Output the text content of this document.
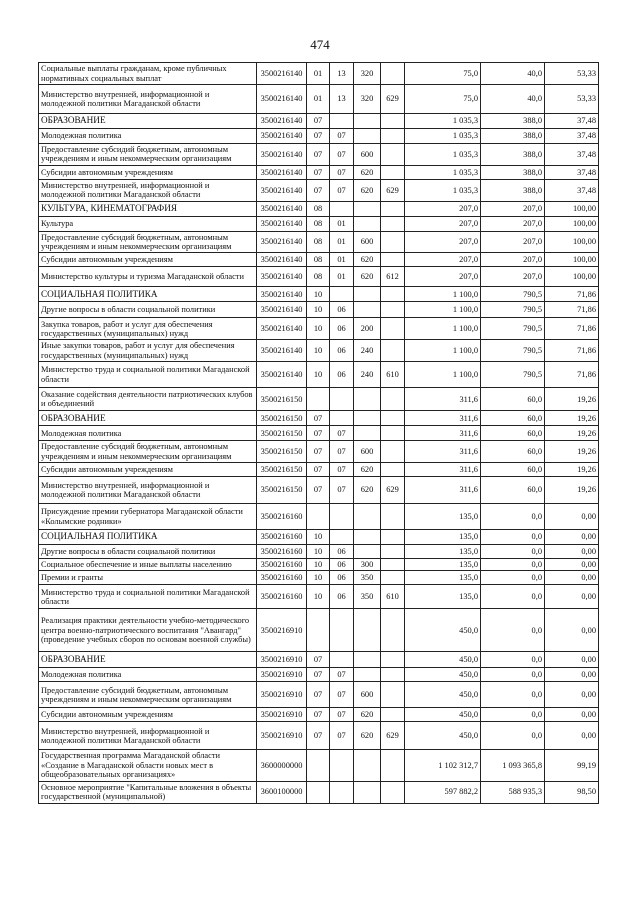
474
Социальные выплаты гражданам, кроме публичных нормативных социальных выплат	3500216140	01	13	320		75,0	40,0	53,33
Министерство внутренней, информационной и молодежной политики Магаданской области	3500216140	01	13	320	629	75,0	40,0	53,33
ОБРАЗОВАНИЕ	3500216140	07				1 035,3	388,0	37,48
Молодежная политика	3500216140	07	07			1 035,3	388,0	37,48
Предоставление субсидий бюджетным, автономным учреждениям и иным некоммерческим организациям	3500216140	07	07	600		1 035,3	388,0	37,48
Субсидии автономным учреждениям	3500216140	07	07	620		1 035,3	388,0	37,48
Министерство внутренней, информационной и молодежной политики Магаданской области	3500216140	07	07	620	629	1 035,3	388,0	37,48
КУЛЬТУРА, КИНЕМАТОГРАФИЯ	3500216140	08				207,0	207,0	100,00
Культура	3500216140	08	01			207,0	207,0	100,00
Предоставление субсидий бюджетным, автономным учреждениям и иным некоммерческим организациям	3500216140	08	01	600		207,0	207,0	100,00
Субсидии автономным учреждениям	3500216140	08	01	620		207,0	207,0	100,00
Министерство культуры и туризма Магаданской области	3500216140	08	01	620	612	207,0	207,0	100,00
СОЦИАЛЬНАЯ ПОЛИТИКА	3500216140	10				1 100,0	790,5	71,86
Другие вопросы в области социальной политики	3500216140	10	06			1 100,0	790,5	71,86
Закупка товаров, работ и услуг для обеспечения государственных (муниципальных) нужд	3500216140	10	06	200		1 100,0	790,5	71,86
Иные закупки товаров, работ и услуг для обеспечения государственных (муниципальных) нужд	3500216140	10	06	240		1 100,0	790,5	71,86
Министерство труда и социальной политики Магаданской области	3500216140	10	06	240	610	1 100,0	790,5	71,86
Оказание содействия деятельности патриотических клубов и объединений	3500216150					311,6	60,0	19,26
ОБРАЗОВАНИЕ	3500216150	07				311,6	60,0	19,26
Молодежная политика	3500216150	07	07			311,6	60,0	19,26
Предоставление субсидий бюджетным, автономным учреждениям и иным некоммерческим организациям	3500216150	07	07	600		311,6	60,0	19,26
Субсидии автономным учреждениям	3500216150	07	07	620		311,6	60,0	19,26
Министерство внутренней, информационной и молодежной политики Магаданской области	3500216150	07	07	620	629	311,6	60,0	19,26
Присуждение премии губернатора Магаданской области «Колымские родники»	3500216160					135,0	0,0	0,00
СОЦИАЛЬНАЯ ПОЛИТИКА	3500216160	10				135,0	0,0	0,00
Другие вопросы в области социальной политики	3500216160	10	06			135,0	0,0	0,00
Социальное обеспечение и иные выплаты населению	3500216160	10	06	300		135,0	0,0	0,00
Премии и гранты	3500216160	10	06	350		135,0	0,0	0,00
Министерство труда и социальной политики Магаданской области	3500216160	10	06	350	610	135,0	0,0	0,00
Реализация практики деятельности учебно-методического центра военно-патриотического воспитания "Авангард" (проведение учебных сборов по основам военной службы)	3500216910					450,0	0,0	0,00
ОБРАЗОВАНИЕ	3500216910	07				450,0	0,0	0,00
Молодежная политика	3500216910	07	07			450,0	0,0	0,00
Предоставление субсидий бюджетным, автономным учреждениям и иным некоммерческим организациям	3500216910	07	07	600		450,0	0,0	0,00
Субсидии автономным учреждениям	3500216910	07	07	620		450,0	0,0	0,00
Министерство внутренней, информационной и молодежной политики Магаданской области	3500216910	07	07	620	629	450,0	0,0	0,00
Государственная программа Магаданской области «Создание в Магаданской области новых мест в общеобразовательных организациях»	3600000000					1 102 312,7	1 093 365,8	99,19
Основное мероприятие "Капитальные вложения в объекты государственной (муниципальной)	3600100000					597 882,2	588 935,3	98,50
